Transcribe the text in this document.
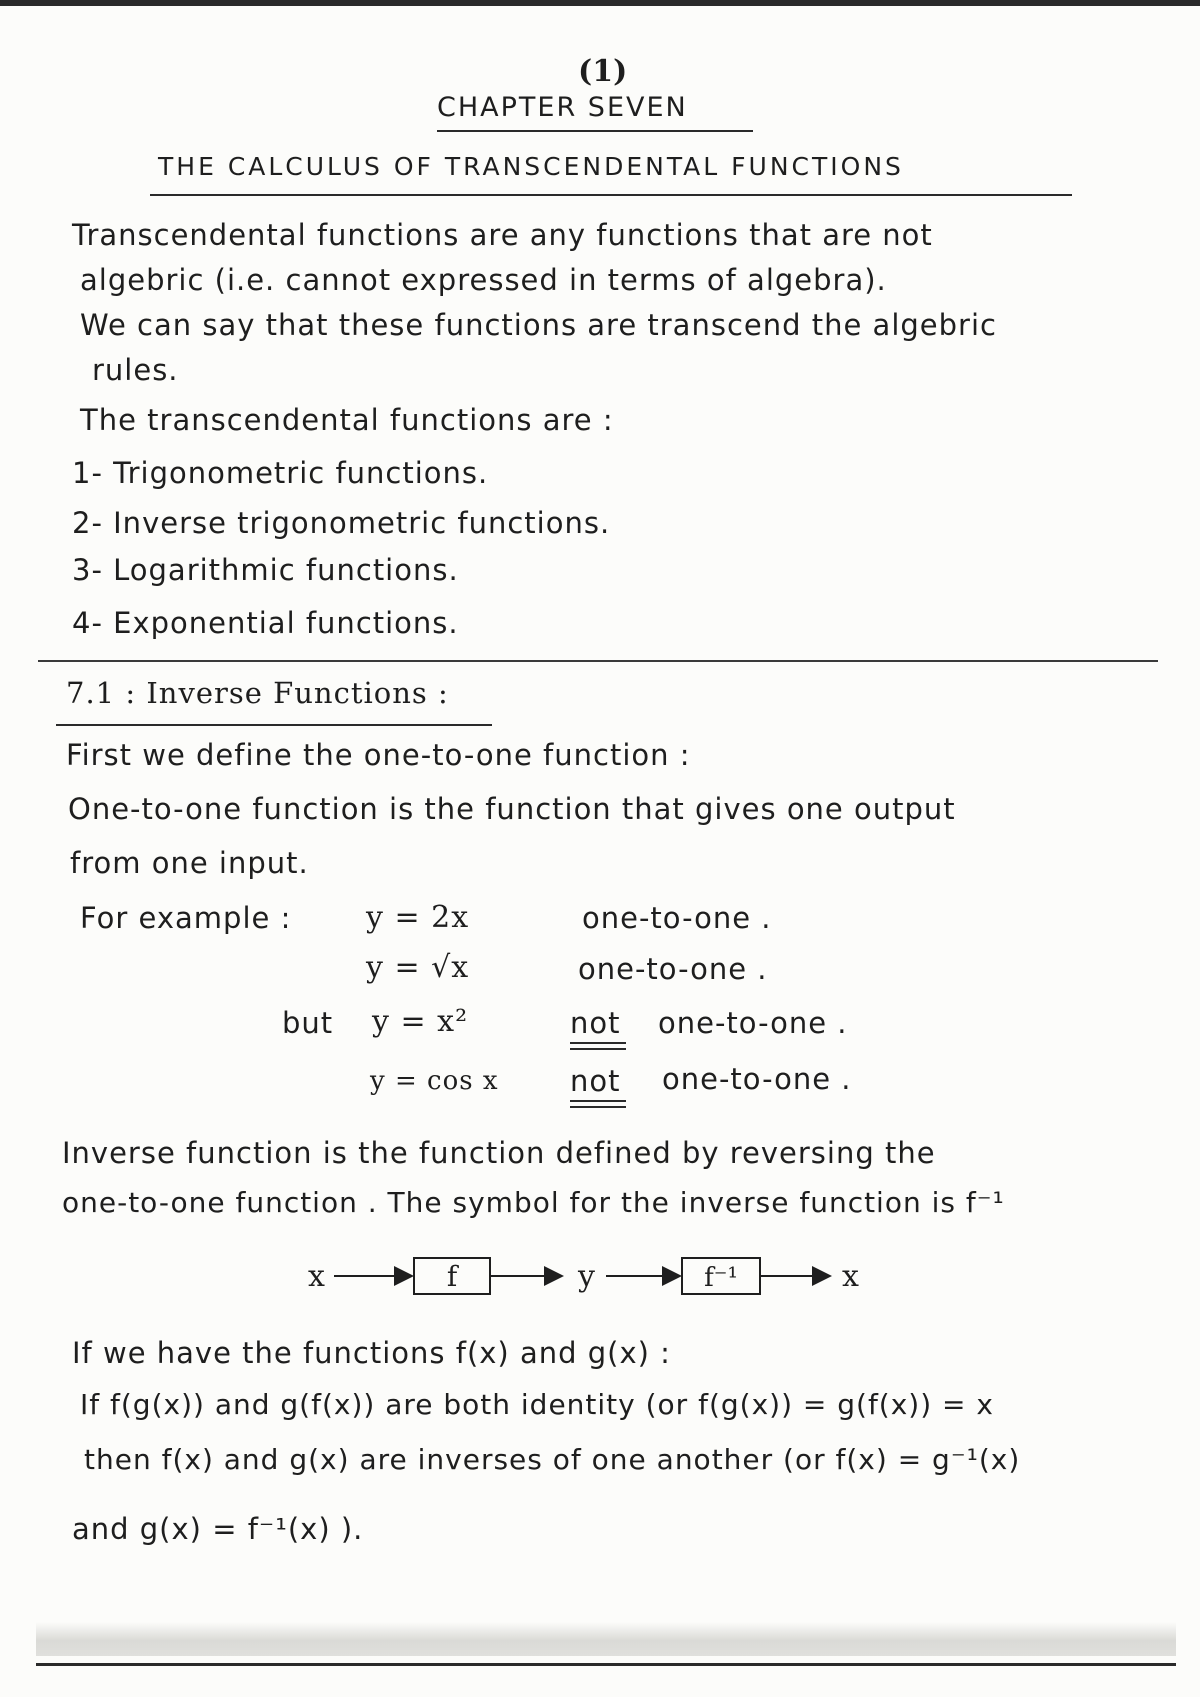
(1)
CHAPTER SEVEN
THE CALCULUS OF TRANSCENDENTAL FUNCTIONS
Transcendental functions are any functions that are not
algebric (i.e. cannot expressed in terms of algebra).
We can say that these functions are transcend the algebric
rules.
The transcendental functions are :
1- Trigonometric functions.
2- Inverse trigonometric functions.
3- Logarithmic functions.
4- Exponential functions.
7.1 : Inverse Functions :
First we define the one-to-one function :
One-to-one function is the function that gives one output
from one input.
For example : y = 2x	one-to-one .
y = √x	one-to-one .
but y = x²	not one-to-one .
y = cos x not one-to-one .
Inverse function is the function defined by reversing the
one-to-one function . The symbol for the inverse function is f⁻¹
x	f	y	f⁻¹	x
If we have the functions f(x) and g(x) :
If f(g(x)) and g(f(x)) are both identity (or f(g(x)) = g(f(x)) = x
then f(x) and g(x) are inverses of one another (or f(x) = g⁻¹(x)
and g(x) = f⁻¹(x) ).
